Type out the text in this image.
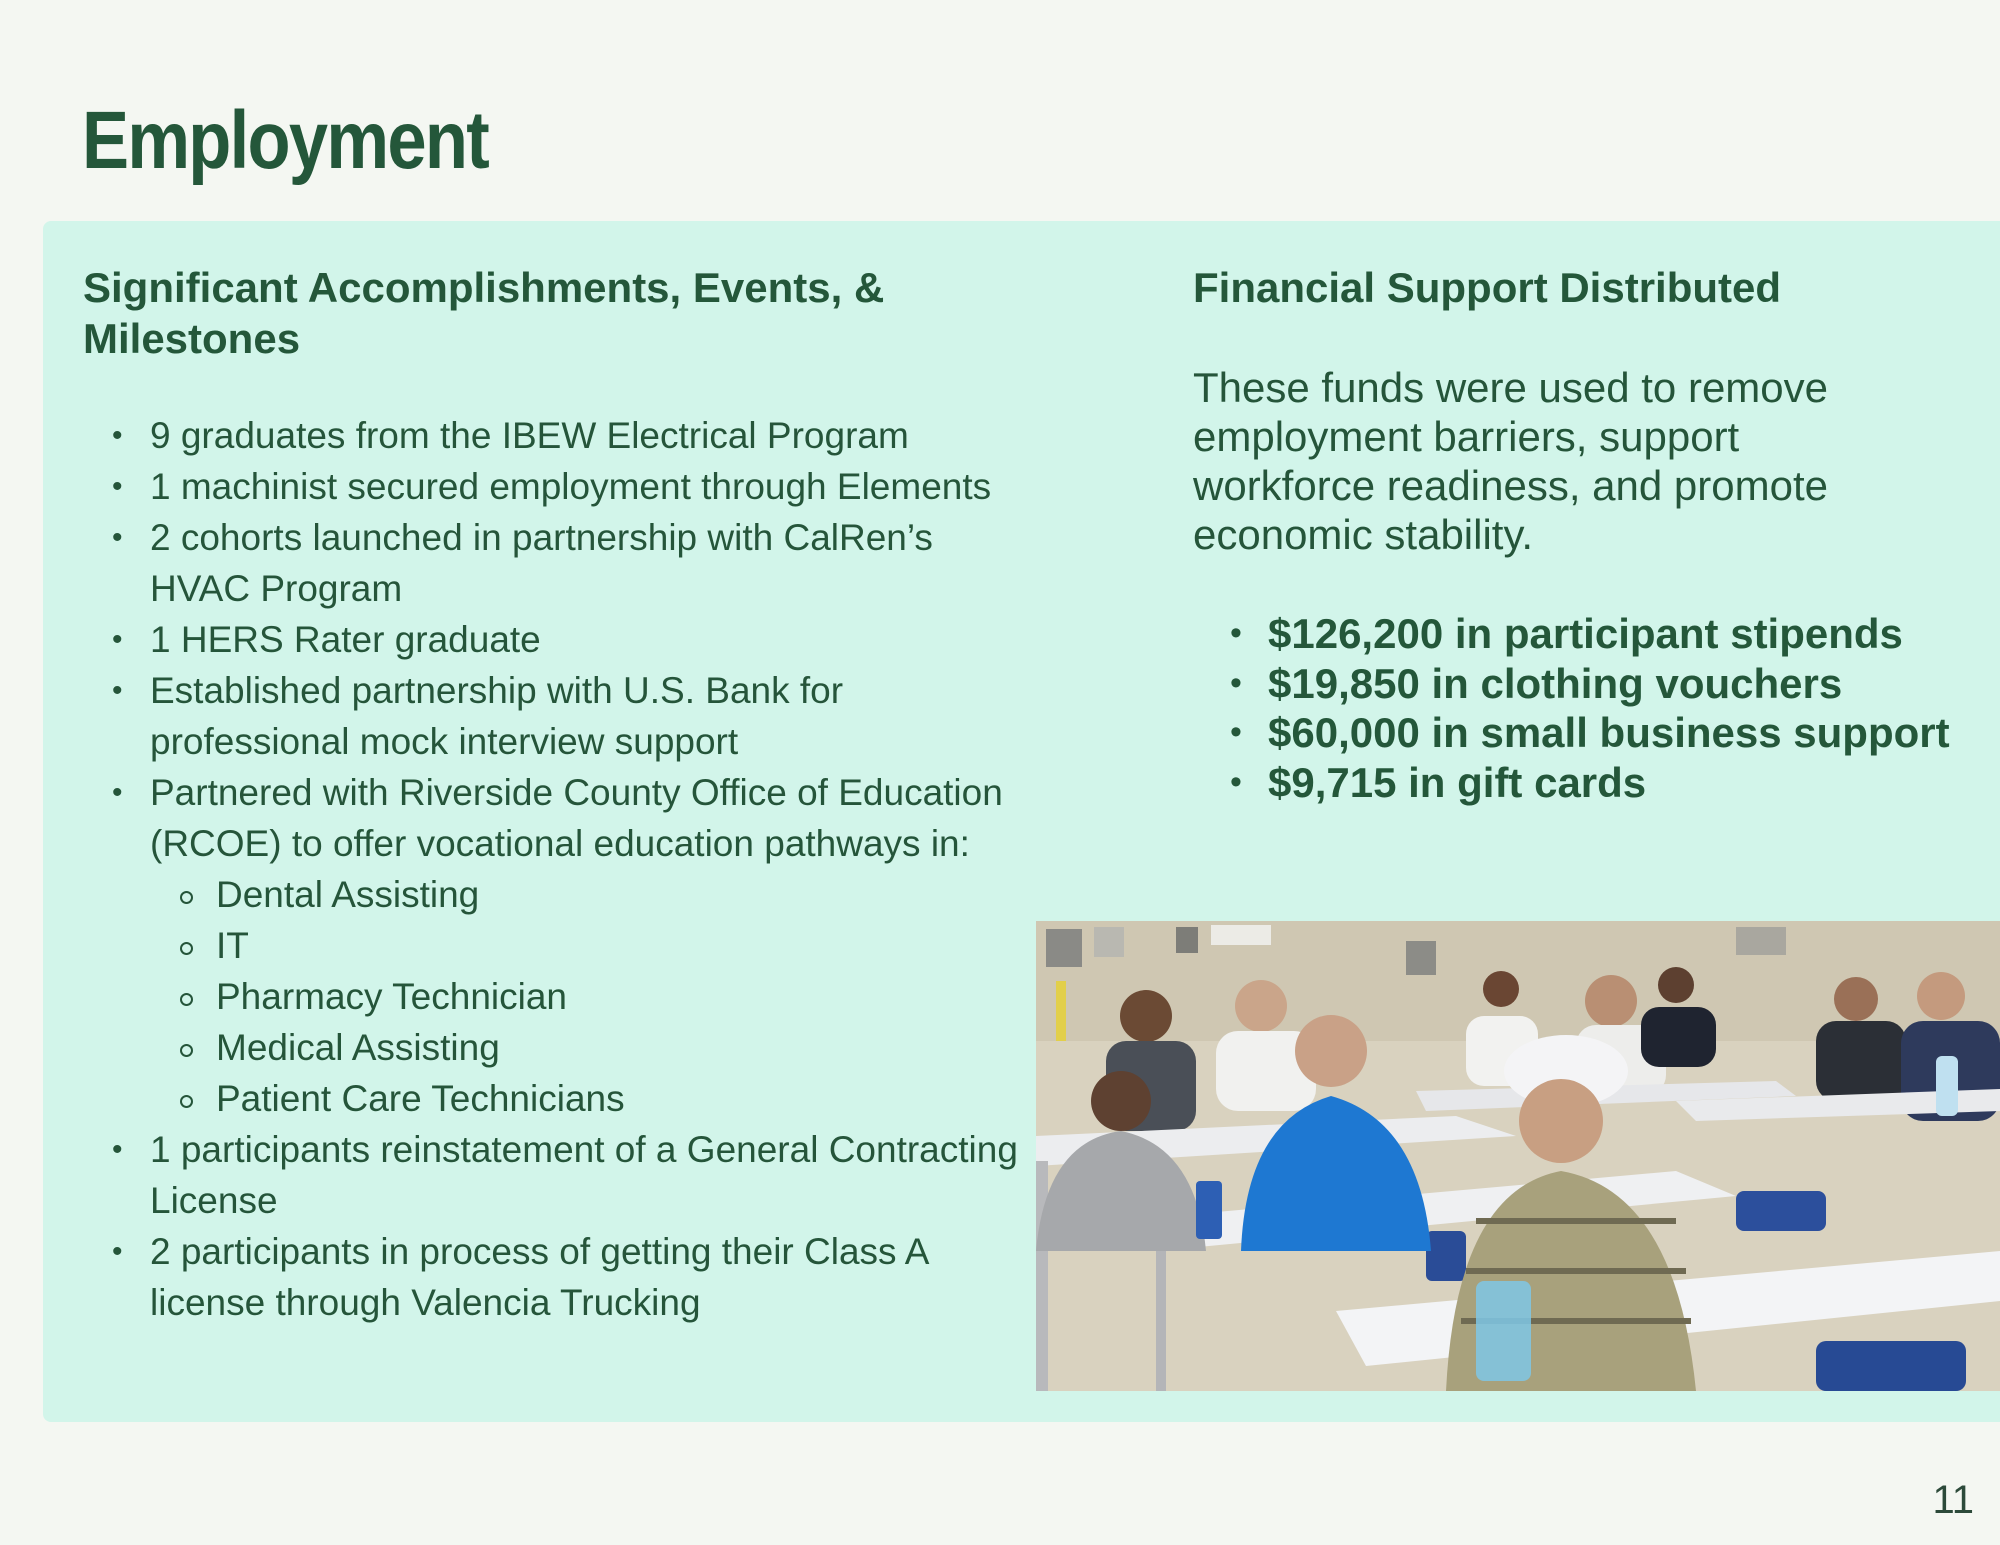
Employment
Significant Accomplishments, Events, & Milestones
• 9 graduates from the IBEW Electrical Program
• 1 machinist secured employment through Elements
• 2 cohorts launched in partnership with CalRen’s HVAC Program
• 1 HERS Rater graduate
• Established partnership with U.S. Bank for professional mock interview support
• Partnered with Riverside County Office of Education (RCOE) to offer vocational education pathways in:
Dental Assisting
IT
Pharmacy Technician
Medical Assisting
Patient Care Technicians
• 1 participants reinstatement of a General Contracting License
• 2 participants in process of getting their Class A license through Valencia Trucking
Financial Support Distributed

These funds were used to remove employment barriers, support workforce readiness, and promote economic stability.

• $126,200 in participant stipends
• $19,850 in clothing vouchers
• $60,000 in small business support
• $9,715 in gift cards
11
